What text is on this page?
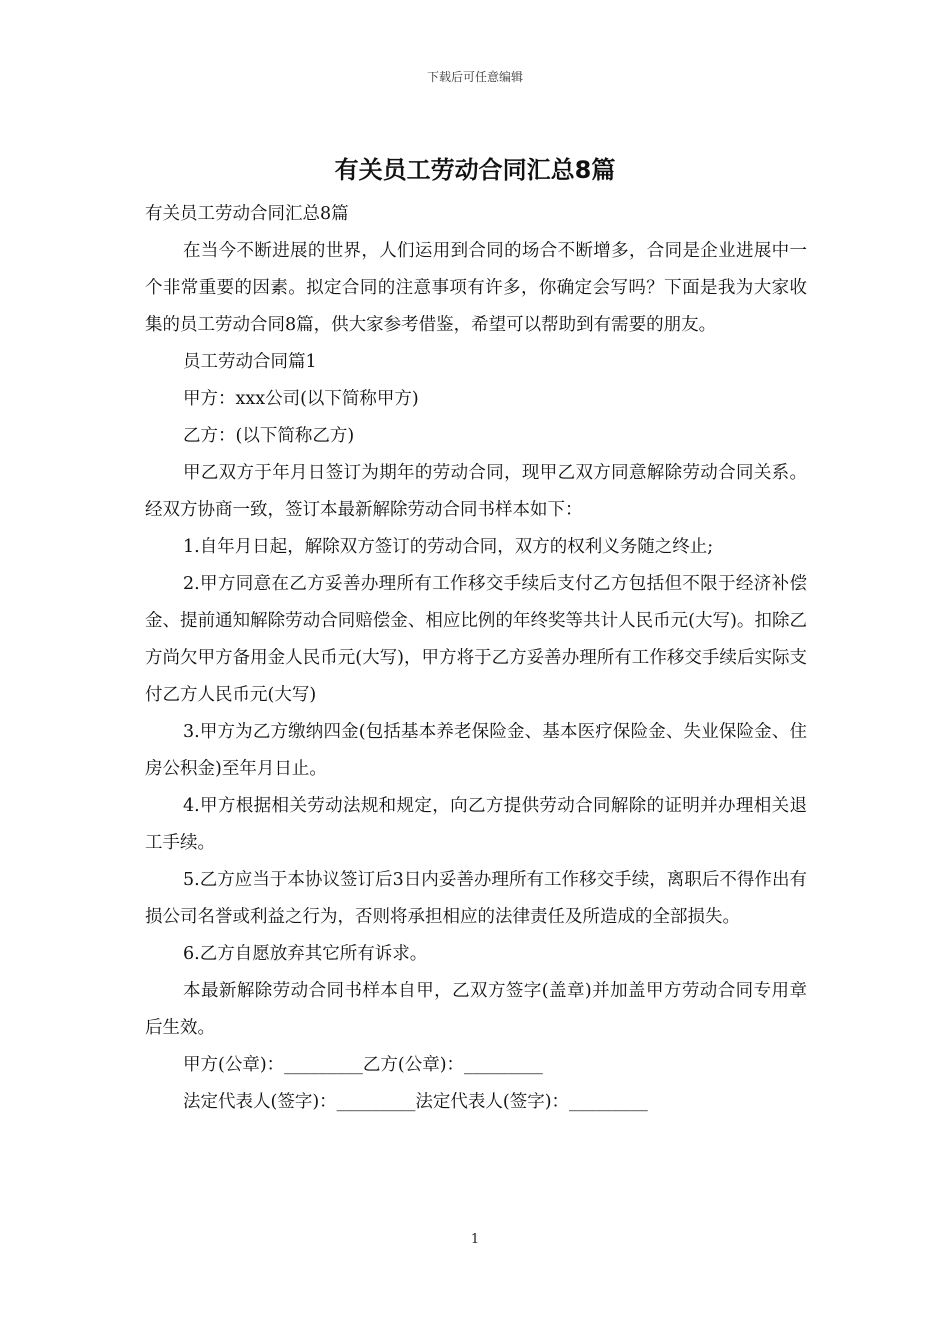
下载后可任意编辑
有关员工劳动合同汇总8篇

有关员工劳动合同汇总8篇

在当今不断进展的世界，人们运用到合同的场合不断增多，合同是企业进展中一个非常重要的因素。拟定合同的注意事项有许多，你确定会写吗？下面是我为大家收集的员工劳动合同8篇，供大家参考借鉴，希望可以帮助到有需要的朋友。

员工劳动合同篇1

甲方：xxx公司(以下简称甲方)

乙方：(以下简称乙方)

甲乙双方于年月日签订为期年的劳动合同，现甲乙双方同意解除劳动合同关系。经双方协商一致，签订本最新解除劳动合同书样本如下：

1.自年月日起，解除双方签订的劳动合同，双方的权利义务随之终止;

2.甲方同意在乙方妥善办理所有工作移交手续后支付乙方包括但不限于经济补偿金、提前通知解除劳动合同赔偿金、相应比例的年终奖等共计人民币元(大写)。扣除乙方尚欠甲方备用金人民币元(大写)，甲方将于乙方妥善办理所有工作移交手续后实际支付乙方人民币元(大写)

3.甲方为乙方缴纳四金(包括基本养老保险金、基本医疗保险金、失业保险金、住房公积金)至年月日止。

4.甲方根据相关劳动法规和规定，向乙方提供劳动合同解除的证明并办理相关退工手续。

5.乙方应当于本协议签订后3日内妥善办理所有工作移交手续，离职后不得作出有损公司名誉或利益之行为，否则将承担相应的法律责任及所造成的全部损失。

6.乙方自愿放弃其它所有诉求。

本最新解除劳动合同书样本自甲，乙双方签字(盖章)并加盖甲方劳动合同专用章后生效。

甲方(公章)：_________乙方(公章)：_________

法定代表人(签字)：_________法定代表人(签字)：_________

1
